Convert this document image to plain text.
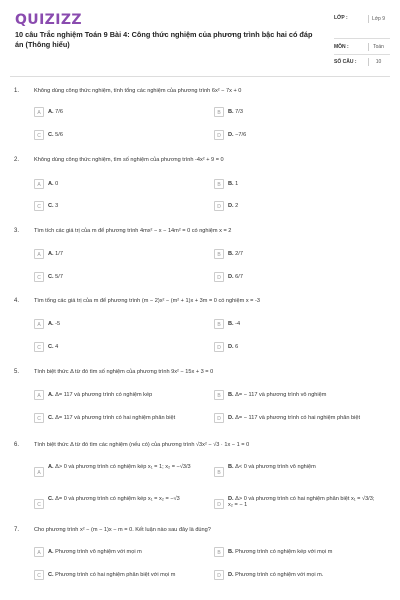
QUIZIZZ
10 câu Trắc nghiệm Toán 9 Bài 4: Công thức nghiệm của phương trình bậc hai có đáp án (Thông hiểu)
LỚP :	Lớp 9
MÔN :	Toán
SỐ CÂU :	10
1.	Không dùng công thức nghiệm, tính tổng các nghiệm của phương trình 6x² − 7x + 0
A	A. 7/6	B	B. 7/3
C	C. 5/6	D	D. −7/6
2.	Không dùng công thức nghiệm, tìm số nghiệm của phương trình -4x² + 9 = 0
A	A. 0	B	B. 1
C	C. 3	D	D. 2
3.	Tìm tích các giá trị của m để phương trình 4mx² − x − 14m² = 0 có nghiệm x = 2
A	A. 1/7	B	B. 2/7
C	C. 5/7	D	D. 6/7
4.	Tìm tổng các giá trị của m để phương trình (m − 2)x² − (m² + 1)x + 3m = 0 có nghiệm x = -3
A	A. -5	B	B. -4
C	C. 4	D	D. 6
5.	Tính biệt thức Δ từ đó tìm số nghiệm của phương trình 9x² − 15x + 3 = 0
A	A. Δ= 117 và phương trình có nghiệm kép	B	B. Δ= − 117 và phương trình vô nghiệm
C	C. Δ= 117 và phương trình có hai nghiệm phân biệt	D	D. Δ= − 117 và phương trình có hai nghiệm phân biệt
6.	Tính biệt thức Δ từ đó tìm các nghiệm (nếu có) của phương trình √3x² − √3 · 1x − 1 = 0
A
A. Δ> 0 và phương trình có nghiệm kép x₁ = 1; x₂ = −√3/3
B
B. Δ< 0 và phương trình vô nghiệm
C
C. Δ= 0 và phương trình có nghiệm kép x₁ = x₂ = −√3
D
D. Δ> 0 và phương trình có hai nghiệm phân biệt x₁ = √3/3; x₂ = − 1
7.	Cho phương trình x² − (m − 1)x − m = 0. Kết luận nào sau đây là đúng?
A	A. Phương trình vô nghiệm với mọi m	B	B. Phương trình có nghiệm kép với mọi m
C	C. Phương trình có hai nghiệm phân biệt với mọi m	D	D. Phương trình có nghiệm với mọi m.
